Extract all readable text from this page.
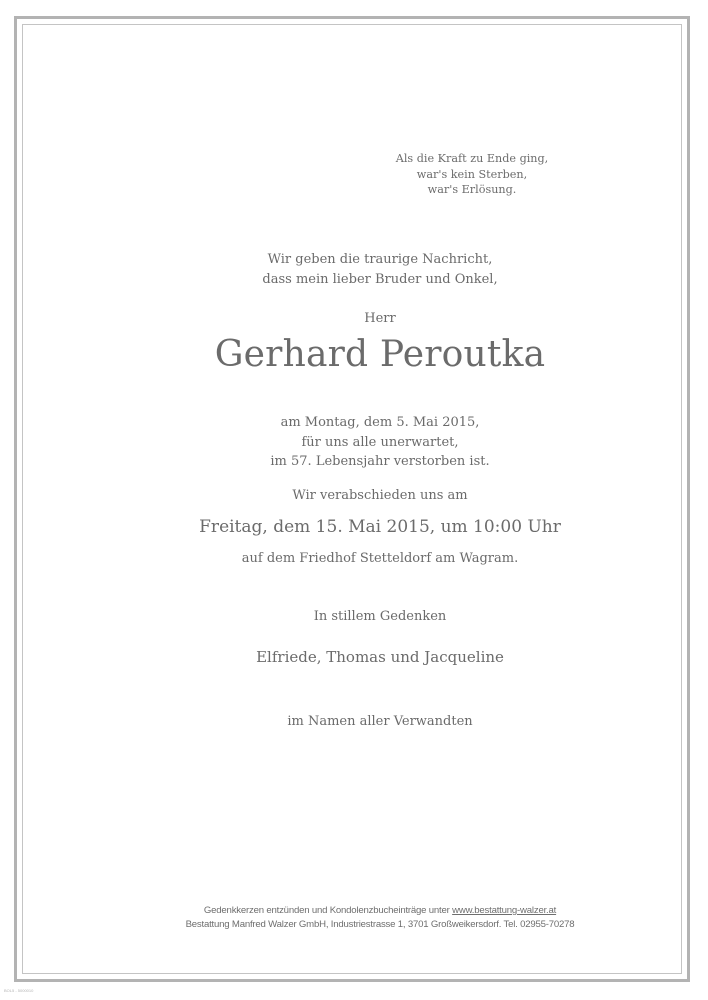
Als die Kraft zu Ende ging,
war's kein Sterben,
war's Erlösung.
Wir geben die traurige Nachricht,
dass mein lieber Bruder und Onkel,
Herr
Gerhard Peroutka
am Montag, dem 5. Mai 2015,
für uns alle unerwartet,
im 57. Lebensjahr verstorben ist.
Wir verabschieden uns am
Freitag, dem 15. Mai 2015, um 10:00 Uhr
auf dem Friedhof Stetteldorf am Wagram.
In stillem Gedenken
Elfriede, Thomas und Jacqueline
im Namen aller Verwandten
Gedenkkerzen entzünden und Kondolenzbucheinträge unter www.bestattung-walzer.at
Bestattung Manfred Walzer GmbH, Industriestrasse 1, 3701 Großweikersdorf. Tel. 02955-70278
BOL5 - 5000010
